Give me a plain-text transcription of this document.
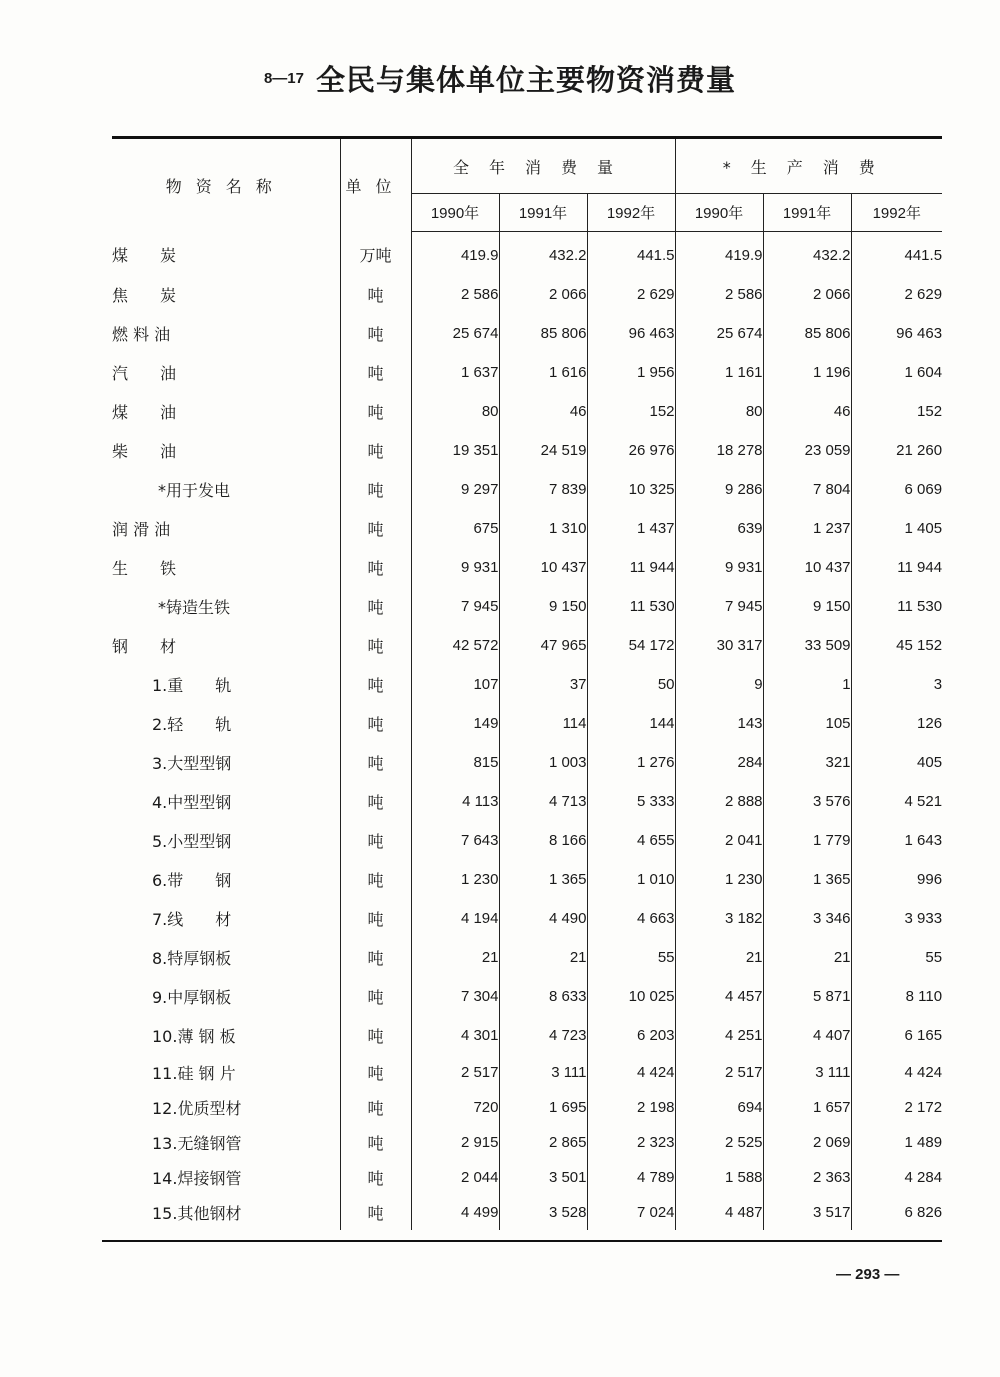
8—17 全民与集体单位主要物资消费量
物资名称	单位	全年消费量			*生产消费		
		1990年	1991年	1992年	1990年	1991年	1992年
煤　　炭	万吨	419.9	432.2	441.5	419.9	432.2	441.5
焦　　炭	吨	2 586	2 066	2 629	2 586	2 066	2 629
燃 料 油	吨	25 674	85 806	96 463	25 674	85 806	96 463
汽　　油	吨	1 637	1 616	1 956	1 161	1 196	1 604
煤　　油	吨	80	46	152	80	46	152
柴　　油	吨	19 351	24 519	26 976	18 278	23 059	21 260
*用于发电	吨	9 297	7 839	10 325	9 286	7 804	6 069
润 滑 油	吨	675	1 310	1 437	639	1 237	1 405
生　　铁	吨	9 931	10 437	11 944	9 931	10 437	11 944
*铸造生铁	吨	7 945	9 150	11 530	7 945	9 150	11 530
钢　　材	吨	42 572	47 965	54 172	30 317	33 509	45 152
1.重　　轨	吨	107	37	50	9	1	3
2.轻　　轨	吨	149	114	144	143	105	126
3.大型型钢	吨	815	1 003	1 276	284	321	405
4.中型型钢	吨	4 113	4 713	5 333	2 888	3 576	4 521
5.小型型钢	吨	7 643	8 166	4 655	2 041	1 779	1 643
6.带　　钢	吨	1 230	1 365	1 010	1 230	1 365	996
7.线　　材	吨	4 194	4 490	4 663	3 182	3 346	3 933
8.特厚钢板	吨	21	21	55	21	21	55
9.中厚钢板	吨	7 304	8 633	10 025	4 457	5 871	8 110
10.薄 钢 板	吨	4 301	4 723	6 203	4 251	4 407	6 165
11.硅 钢 片	吨	2 517	3 111	4 424	2 517	3 111	4 424
12.优质型材	吨	720	1 695	2 198	694	1 657	2 172
13.无缝钢管	吨	2 915	2 865	2 323	2 525	2 069	1 489
14.焊接钢管	吨	2 044	3 501	4 789	1 588	2 363	4 284
15.其他钢材	吨	4 499	3 528	7 024	4 487	3 517	6 826
— 293 —
